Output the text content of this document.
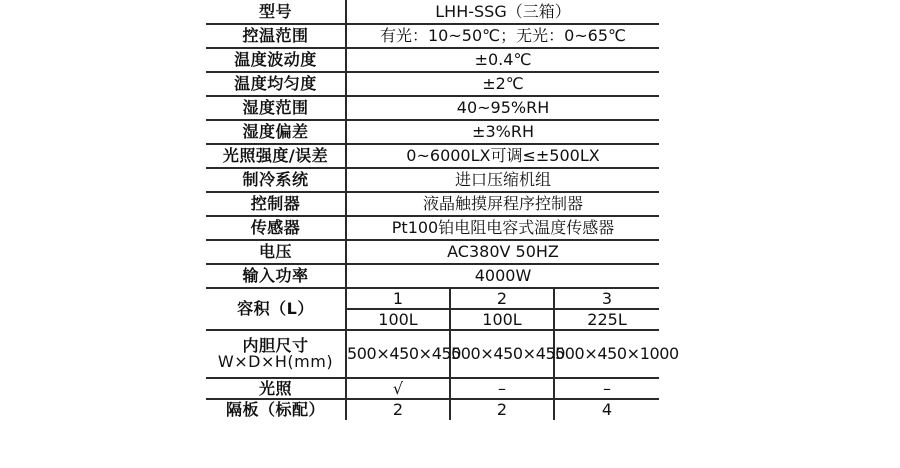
型号	LHH-SSG（三箱）		
控温范围	有光：10~50℃；无光：0~65℃		
温度波动度	±0.4℃		
温度均匀度	±2℃		
湿度范围	40~95%RH		
湿度偏差	±3%RH		
光照强度/误差	0~6000LX可调≤±500LX		
制冷系统	进口压缩机组		
控制器	液晶触摸屏程序控制器		
传感器	Pt100铂电阻电容式温度传感器		
电压	AC380V 50HZ		
输入功率	4000W		
容积（L）	1	2	3
	100L	100L	225L

内胆尺寸
W×D×H(mm)	500×450×450	500×450×450	500×450×1000
光照	√	–	–
隔板（标配）	2	2	4
